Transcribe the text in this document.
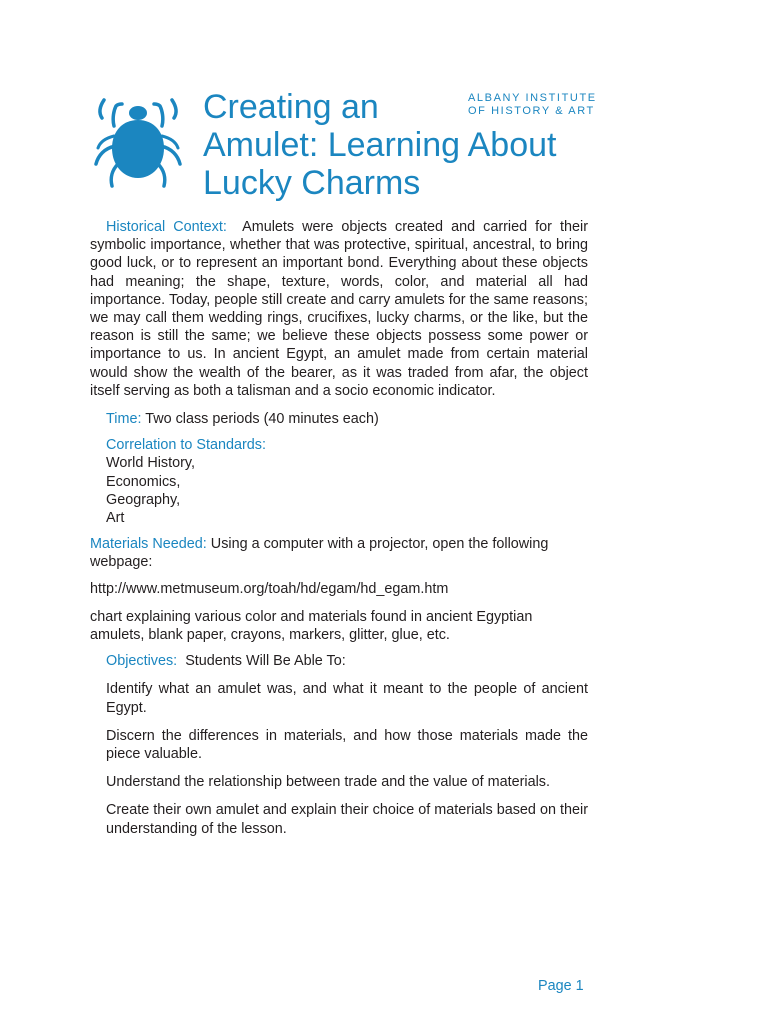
Creating an
Amulet: Learning About
Lucky Charms
ALBANY INSTITUTE
OF HISTORY & ART

Historical Context: Amulets were objects created and carried for their symbolic importance, whether that was protective, spiritual, ancestral, to bring good luck, or to represent an important bond. Everything about these objects had meaning; the shape, texture, words, color, and material all had importance. Today, people still create and carry amulets for the same reasons; we may call them wedding rings, crucifixes, lucky charms, or the like, but the reason is still the same; we believe these objects possess some power or importance to us. In ancient Egypt, an amulet made from certain material would show the wealth of the bearer, as it was traded from afar, the object itself serving as both a talisman and a socio economic indicator.

Time: Two class periods (40 minutes each)

Correlation to Standards:

World History,
Economics,
Geography,
Art

Materials Needed: Using a computer with a projector, open the following webpage:

http://www.metmuseum.org/toah/hd/egam/hd_egam.htm

chart explaining various color and materials found in ancient Egyptian amulets, blank paper, crayons, markers, glitter, glue, etc.

Objectives: Students Will Be Able To:

Identify what an amulet was, and what it meant to the people of ancient Egypt.

Discern the differences in materials, and how those materials made the piece valuable.

Understand the relationship between trade and the value of materials.

Create their own amulet and explain their choice of materials based on their understanding of the lesson.

Page 1
